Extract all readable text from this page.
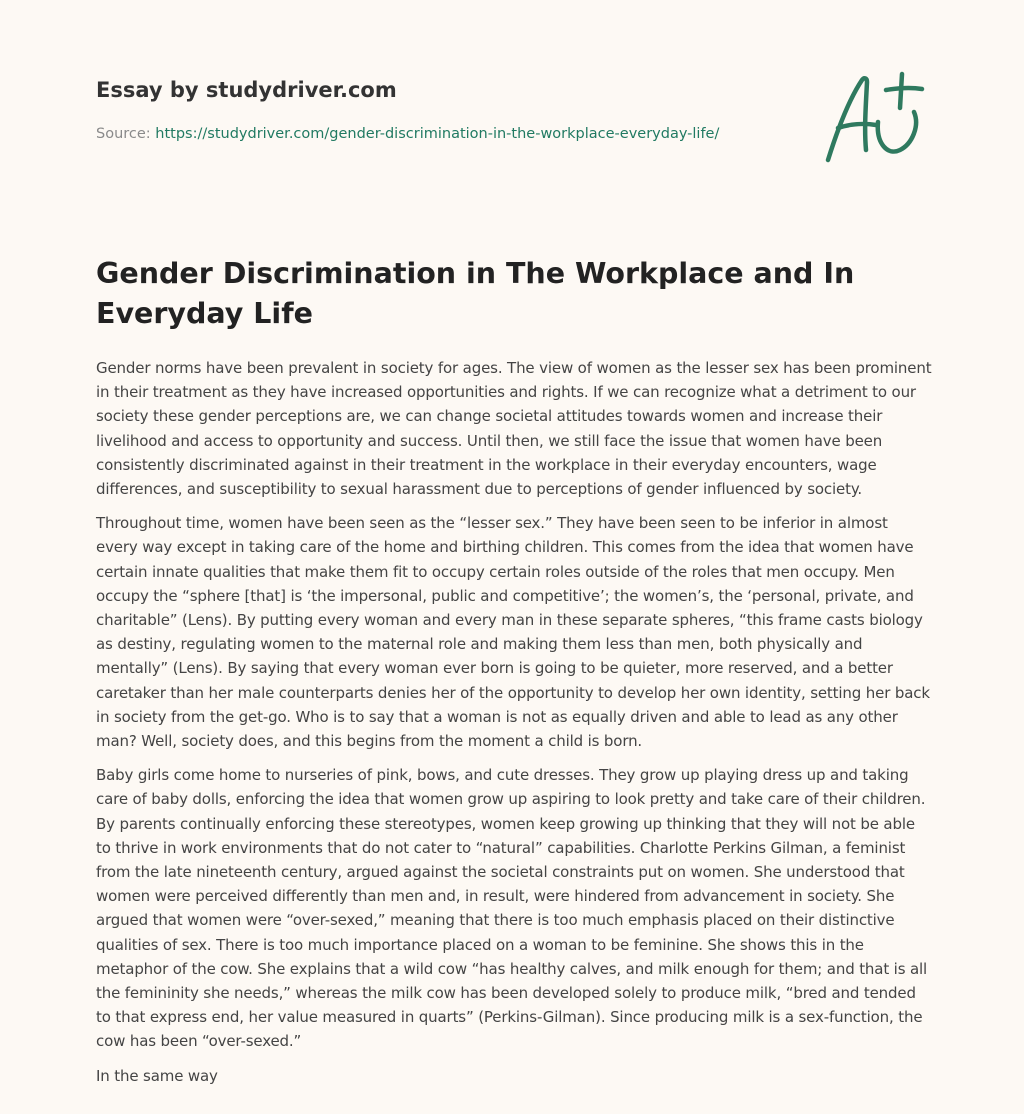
Essay by studydriver.com

Source: https://studydriver.com/gender-discrimination-in-the-workplace-everyday-life/
Gender Discrimination in The Workplace and In Everyday Life

Gender norms have been prevalent in society for ages. The view of women as the lesser sex has been prominent in their treatment as they have increased opportunities and rights. If we can recognize what a detriment to our society these gender perceptions are, we can change societal attitudes towards women and increase their livelihood and access to opportunity and success. Until then, we still face the issue that women have been consistently discriminated against in their treatment in the workplace in their everyday encounters, wage differences, and susceptibility to sexual harassment due to perceptions of gender influenced by society.

Throughout time, women have been seen as the “lesser sex.” They have been seen to be inferior in almost every way except in taking care of the home and birthing children. This comes from the idea that women have certain innate qualities that make them fit to occupy certain roles outside of the roles that men occupy. Men occupy the “sphere [that] is ‘the impersonal, public and competitive’; the women’s, the ‘personal, private, and charitable” (Lens). By putting every woman and every man in these separate spheres, “this frame casts biology as destiny, regulating women to the maternal role and making them less than men, both physically and mentally” (Lens). By saying that every woman ever born is going to be quieter, more reserved, and a better caretaker than her male counterparts denies her of the opportunity to develop her own identity, setting her back in society from the get-go. Who is to say that a woman is not as equally driven and able to lead as any other man? Well, society does, and this begins from the moment a child is born.

Baby girls come home to nurseries of pink, bows, and cute dresses. They grow up playing dress up and taking care of baby dolls, enforcing the idea that women grow up aspiring to look pretty and take care of their children. By parents continually enforcing these stereotypes, women keep growing up thinking that they will not be able to thrive in work environments that do not cater to “natural” capabilities. Charlotte Perkins Gilman, a feminist from the late nineteenth century, argued against the societal constraints put on women. She understood that women were perceived differently than men and, in result, were hindered from advancement in society. She argued that women were “over-sexed,” meaning that there is too much emphasis placed on their distinctive qualities of sex. There is too much importance placed on a woman to be feminine. She shows this in the metaphor of the cow. She explains that a wild cow “has healthy calves, and milk enough for them; and that is all the femininity she needs,” whereas the milk cow has been developed solely to produce milk, “bred and tended to that express end, her value measured in quarts” (Perkins-Gilman). Since producing milk is a sex-function, the cow has been “over-sexed.”

In the same way
